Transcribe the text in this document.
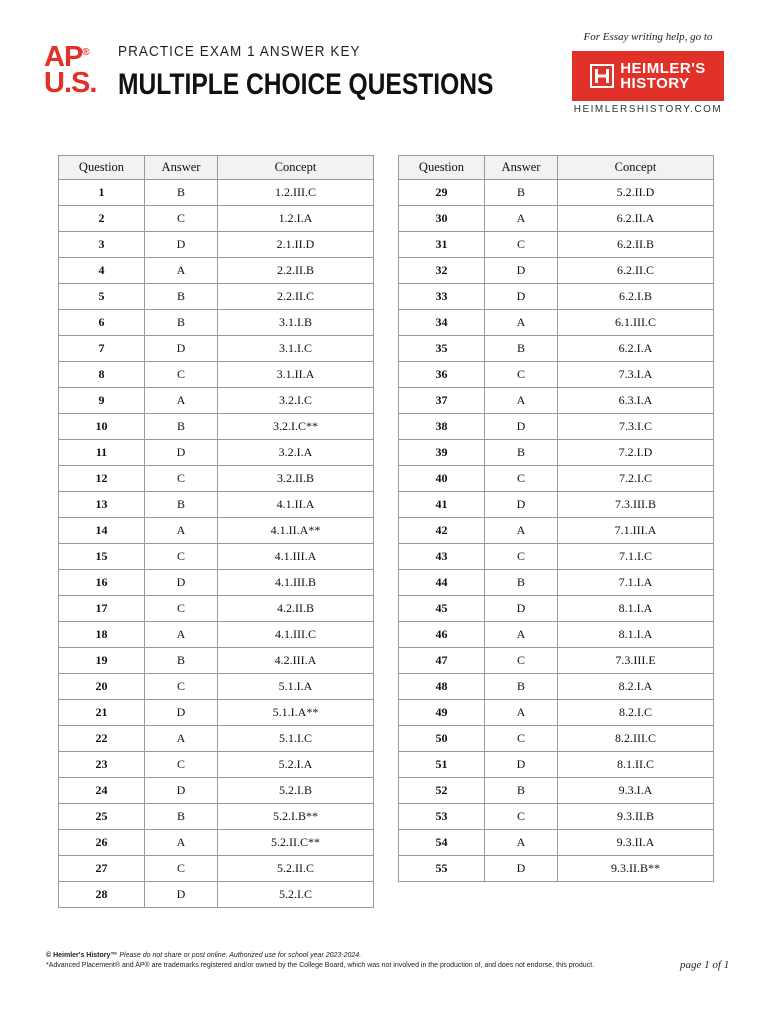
AP®
U.S.
PRACTICE EXAM 1 ANSWER KEY
MULTIPLE CHOICE QUESTIONS
For Essay writing help, go to
HEIMLER'S
HISTORY
HEIMLERSHISTORY.COM
Question	Answer	Concept
1	B	1.2.III.C
2	C	1.2.I.A
3	D	2.1.II.D
4	A	2.2.II.B
5	B	2.2.II.C
6	B	3.1.I.B
7	D	3.1.I.C
8	C	3.1.II.A
9	A	3.2.I.C
10	B	3.2.I.C**
11	D	3.2.I.A
12	C	3.2.II.B
13	B	4.1.II.A
14	A	4.1.II.A**
15	C	4.1.III.A
16	D	4.1.III.B
17	C	4.2.II.B
18	A	4.1.III.C
19	B	4.2.III.A
20	C	5.1.I.A
21	D	5.1.I.A**
22	A	5.1.I.C
23	C	5.2.I.A
24	D	5.2.I.B
25	B	5.2.I.B**
26	A	5.2.II.C**
27	C	5.2.II.C
28	D	5.2.I.C
Question	Answer	Concept
29	B	5.2.II.D
30	A	6.2.II.A
31	C	6.2.II.B
32	D	6.2.II.C
33	D	6.2.I.B
34	A	6.1.III.C
35	B	6.2.I.A
36	C	7.3.I.A
37	A	6.3.I.A
38	D	7.3.I.C
39	B	7.2.I.D
40	C	7.2.I.C
41	D	7.3.III.B
42	A	7.1.III.A
43	C	7.1.I.C
44	B	7.1.I.A
45	D	8.1.I.A
46	A	8.1.I.A
47	C	7.3.III.E
48	B	8.2.I.A
49	A	8.2.I.C
50	C	8.2.III.C
51	D	8.1.II.C
52	B	9.3.I.A
53	C	9.3.II.B
54	A	9.3.II.A
55	D	9.3.II.B**
© Heimler's History™ Please do not share or post online. Authorized use for school year 2023-2024.
*Advanced Placement® and AP® are trademarks registered and/or owned by the College Board, which was not involved in the production of, and does not endorse, this product.	page 1 of 1
